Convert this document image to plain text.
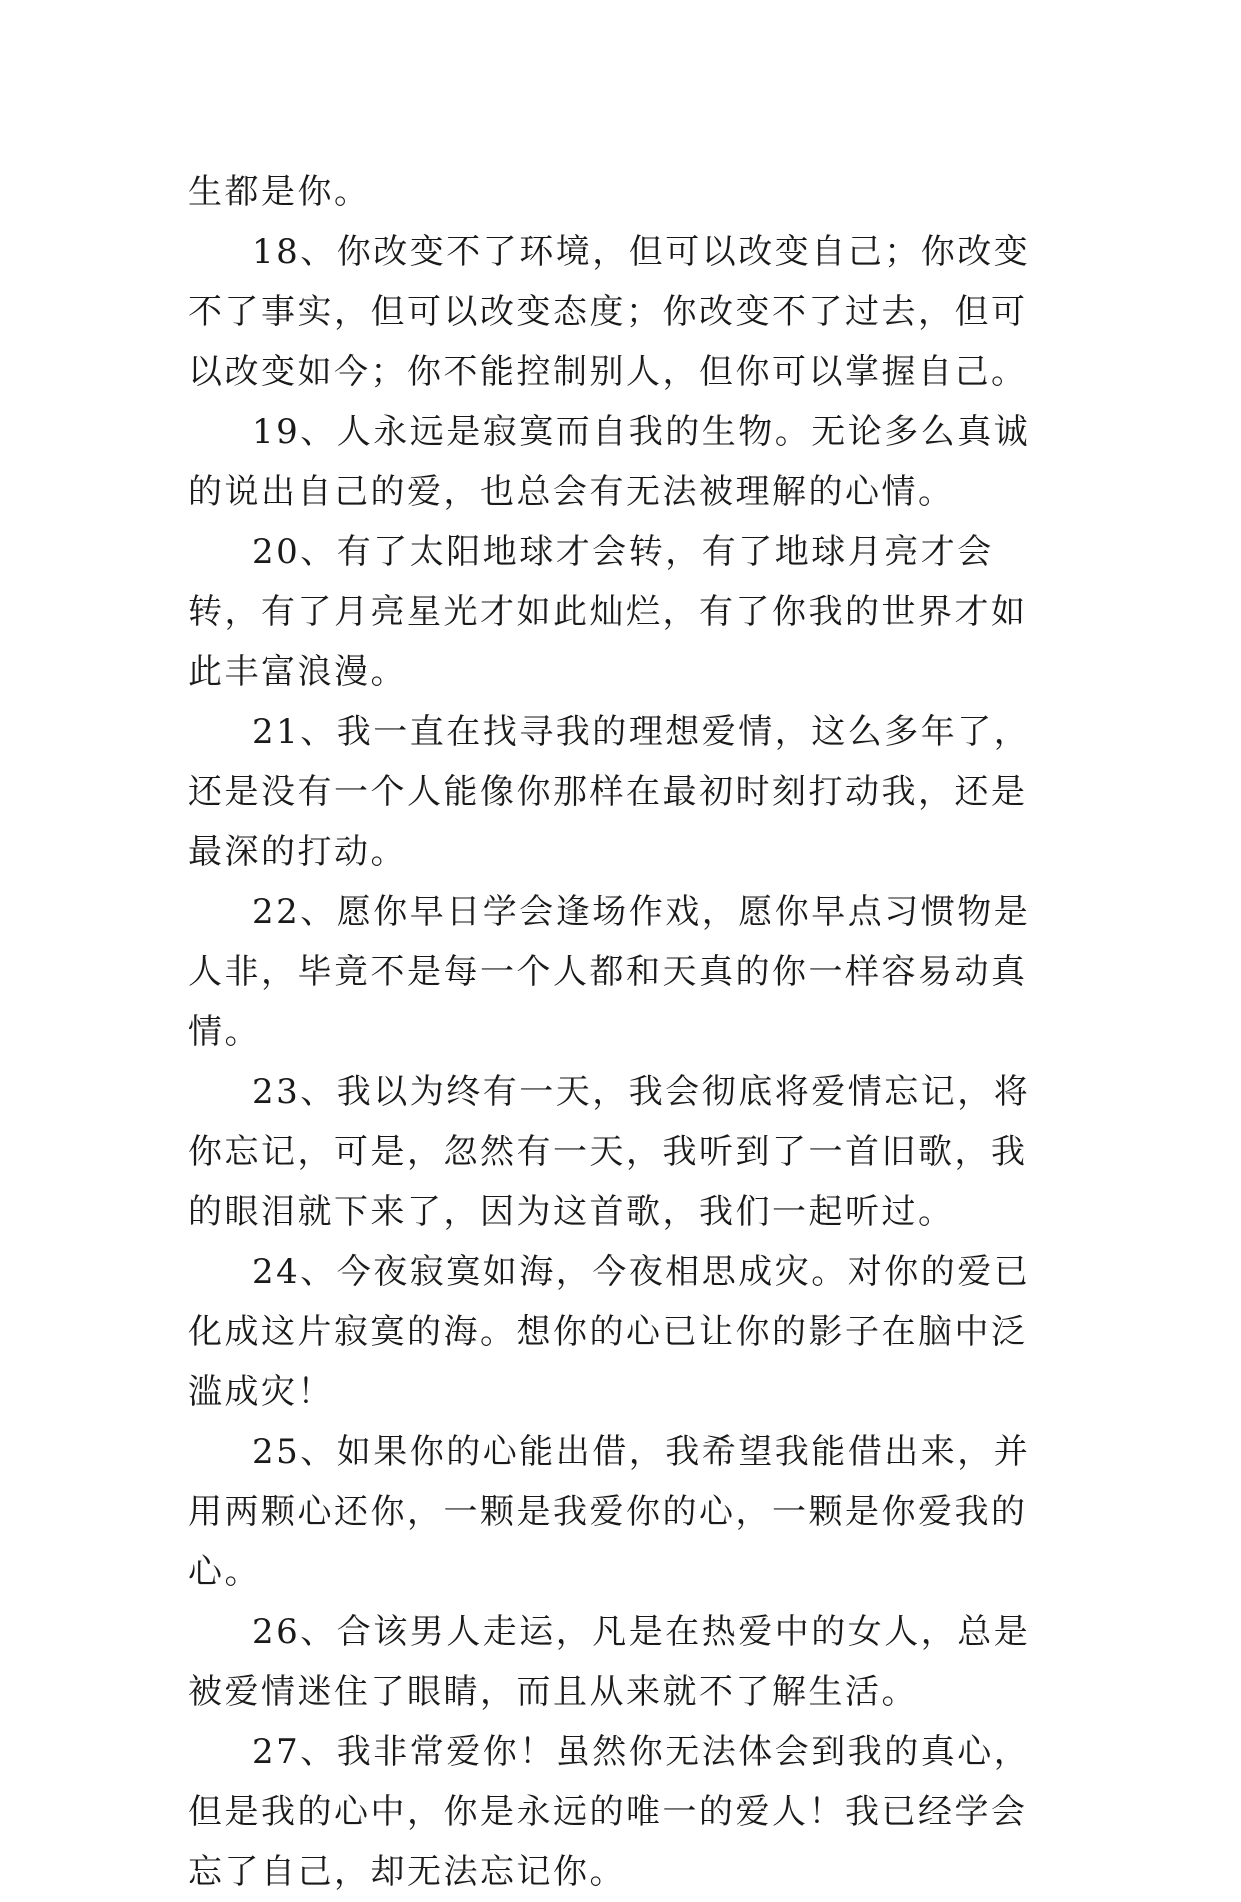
生都是你。

18、你改变不了环境，但可以改变自己；你改变不了事实，但可以改变态度；你改变不了过去，但可以改变如今；你不能控制别人，但你可以掌握自己。

19、人永远是寂寞而自我的生物。无论多么真诚的说出自己的爱，也总会有无法被理解的心情。

20、有了太阳地球才会转，有了地球月亮才会转，有了月亮星光才如此灿烂，有了你我的世界才如此丰富浪漫。

21、我一直在找寻我的理想爱情，这么多年了，还是没有一个人能像你那样在最初时刻打动我，还是最深的打动。

22、愿你早日学会逢场作戏，愿你早点习惯物是人非，毕竟不是每一个人都和天真的你一样容易动真情。

23、我以为终有一天，我会彻底将爱情忘记，将你忘记，可是，忽然有一天，我听到了一首旧歌，我的眼泪就下来了，因为这首歌，我们一起听过。

24、今夜寂寞如海，今夜相思成灾。对你的爱已化成这片寂寞的海。想你的心已让你的影子在脑中泛滥成灾！

25、如果你的心能出借，我希望我能借出来，并用两颗心还你，一颗是我爱你的心，一颗是你爱我的心。

26、合该男人走运，凡是在热爱中的女人，总是被爱情迷住了眼睛，而且从来就不了解生活。

27、我非常爱你！虽然你无法体会到我的真心，但是我的心中，你是永远的唯一的爱人！我已经学会忘了自己，却无法忘记你。
